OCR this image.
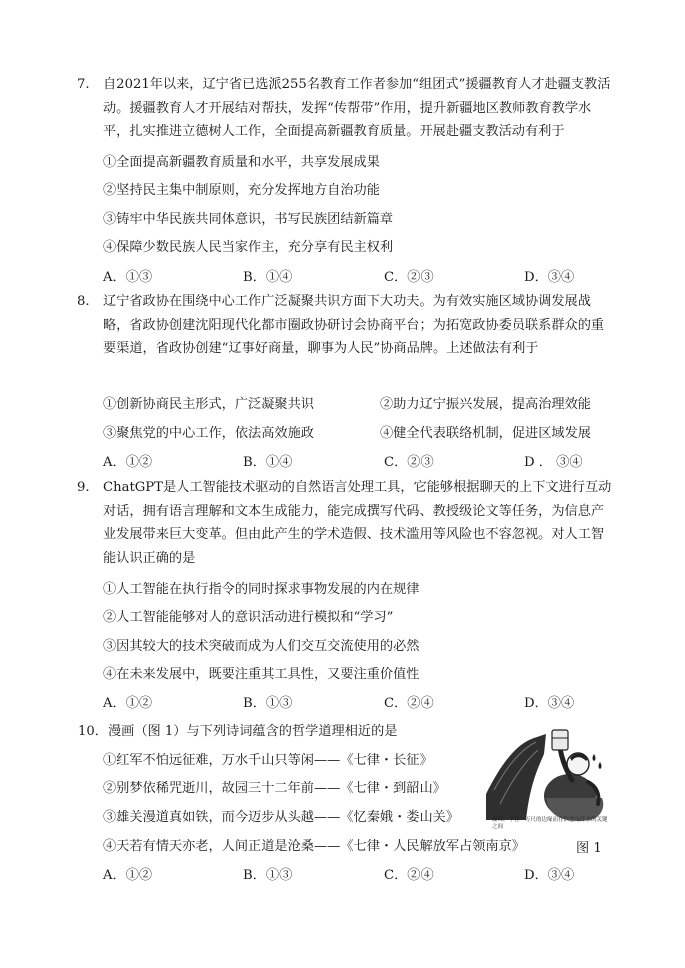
7. 自2021年以来，辽宁省已选派255名教育工作者参加“组团式”援疆教育人才赴疆支教活动。援疆教育人才开展结对帮扶，发挥“传帮带”作用，提升新疆地区教师教育教学水平，扎实推进立德树人工作，全面提高新疆教育质量。开展赴疆支教活动有利于
①全面提高新疆教育质量和水平，共享发展成果
②坚持民主集中制原则，充分发挥地方自治功能
③铸牢中华民族共同体意识，书写民族团结新篇章
④保障少数民族人民当家作主，充分享有民主权利
A．①③	B．①④	C．②③	D．③④
8. 辽宁省政协在围绕中心工作广泛凝聚共识方面下大功夫。为有效实施区域协调发展战略，省政协创建沈阳现代化都市圈政协研讨会协商平台；为拓宽政协委员联系群众的重要渠道，省政协创建“辽事好商量，聊事为人民”协商品牌。上述做法有利于
①创新协商民主形式，广泛凝聚共识	②助力辽宁振兴发展，提高治理效能
③聚焦党的中心工作，依法高效施政	④健全代表联络机制，促进区域发展
A．①②	B．①④	C．②③	D ． ③④
9. ChatGPT是人工智能技术驱动的自然语言处理工具，它能够根据聊天的上下文进行互动对话，拥有语言理解和文本生成能力，能完成撰写代码、教授级论文等任务，为信息产业发展带来巨大变革。但由此产生的学术造假、技术滥用等风险也不容忽视。对人工智能认识正确的是
①人工智能在执行指令的同时探求事物发展的内在规律
②人工智能能够对人的意识活动进行模拟和“学习”
③因其较大的技术突破而成为人们交互交流使用的必然
④在未来发展中，既要注重其工具性，又要注重价值性
A．①②	B．①③	C．②④	D．③④
10．漫画（图 1）与下列诗词蕴含的哲学道理相近的是
①红军不怕远征难，万水千山只等闲——《七律・长征》
②别梦依稀咒逝川，故园三十二年前——《七律・到韶山》
③雄关漫道真如铁，而今迈步从头越——《忆秦娥・娄山关》
④天若有情天亦老，人间正道是沧桑——《七律・人民解放军占领南京》	图 1
A．①②	B．①③	C．②④	D．③④
巅峰，不在一万尺的边缘而在信念与汗水的关键之间
